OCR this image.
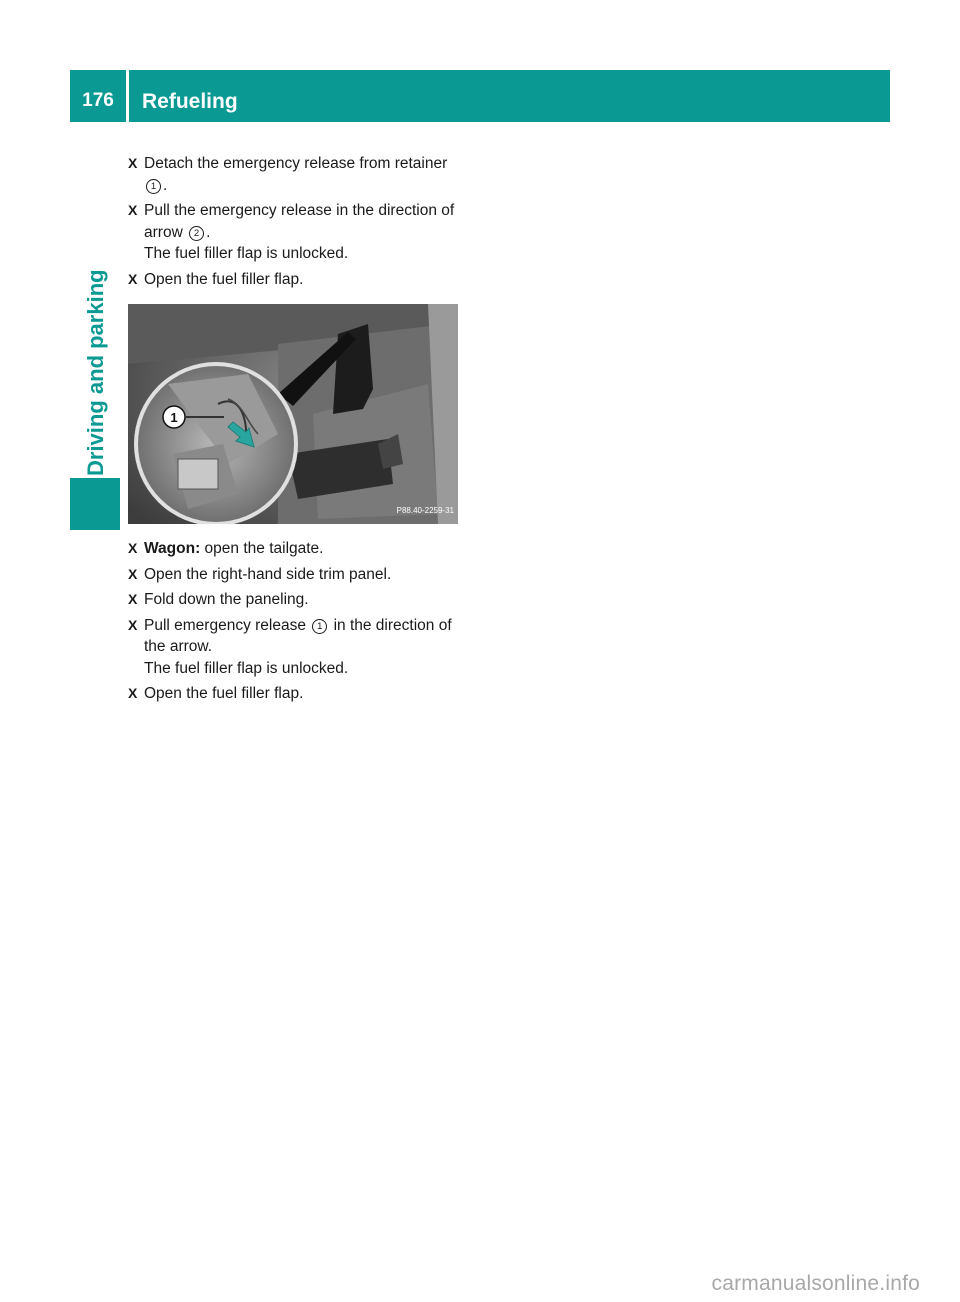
176	Refueling
Driving and parking
X Detach the emergency release from retainer 1 .
X Pull the emergency release in the direction of arrow 2 .
The fuel filler flap is unlocked.
X Open the fuel filler flap.
1
P88.40-2259-31
X Wagon: open the tailgate.
X Open the right-hand side trim panel.
X Fold down the paneling.
X Pull emergency release 1 in the direction of the arrow.
The fuel filler flap is unlocked.
X Open the fuel filler flap.
carmanualsonline.info
